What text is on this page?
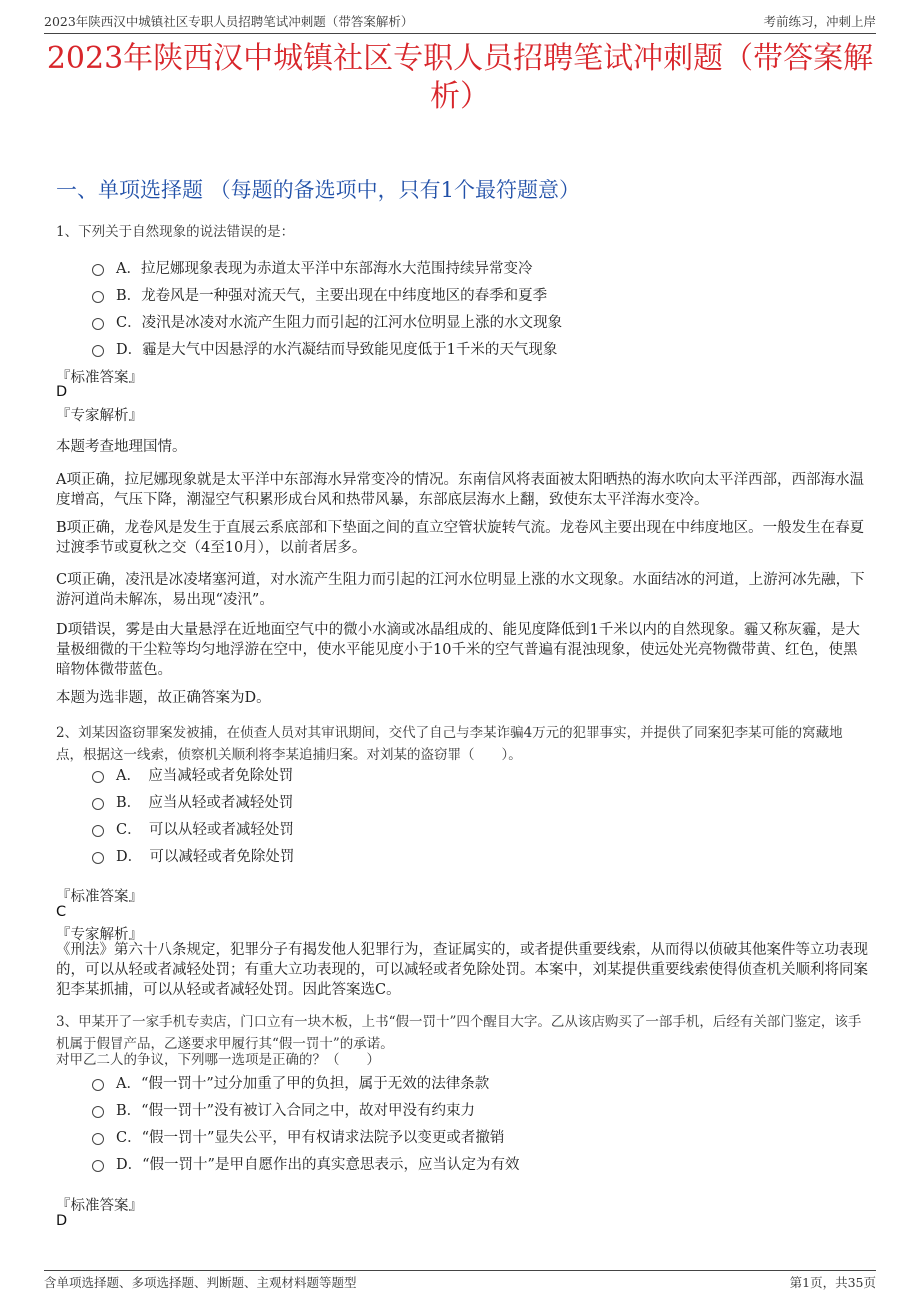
2023年陕西汉中城镇社区专职人员招聘笔试冲刺题（带答案解析）	考前练习，冲刺上岸
2023年陕西汉中城镇社区专职人员招聘笔试冲刺题（带答案解析）
一、单项选择题 （每题的备选项中，只有1个最符题意）

1、下列关于自然现象的说法错误的是：

A．拉尼娜现象表现为赤道太平洋中东部海水大范围持续异常变冷
B．龙卷风是一种强对流天气，主要出现在中纬度地区的春季和夏季
C．凌汛是冰凌对水流产生阻力而引起的江河水位明显上涨的水文现象
D．霾是大气中因悬浮的水汽凝结而导致能见度低于1千米的天气现象
『标准答案』
D
『专家解析』

本题考查地理国情。

A项正确，拉尼娜现象就是太平洋中东部海水异常变冷的情况。东南信风将表面被太阳晒热的海水吹向太平洋西部，西部海水温度增高，气压下降，潮湿空气积累形成台风和热带风暴，东部底层海水上翻，致使东太平洋海水变冷。

B项正确，龙卷风是发生于直展云系底部和下垫面之间的直立空管状旋转气流。龙卷风主要出现在中纬度地区。一般发生在春夏过渡季节或夏秋之交（4至10月），以前者居多。

C项正确，凌汛是冰凌堵塞河道，对水流产生阻力而引起的江河水位明显上涨的水文现象。水面结冰的河道，上游河冰先融，下游河道尚未解冻，易出现“凌汛”。

D项错误，雾是由大量悬浮在近地面空气中的微小水滴或冰晶组成的、能见度降低到1千米以内的自然现象。霾又称灰霾，是大量极细微的干尘粒等均匀地浮游在空中，使水平能见度小于10千米的空气普遍有混浊现象，使远处光亮物微带黄、红色，使黑暗物体微带蓝色。

本题为选非题，故正确答案为D。

2、刘某因盗窃罪案发被捕，在侦查人员对其审讯期间，交代了自己与李某诈骗4万元的犯罪事实，并提供了同案犯李某可能的窝藏地点，根据这一线索，侦察机关顺利将李某追捕归案。对刘某的盗窃罪（　　）。

A．　应当减轻或者免除处罚
B．　应当从轻或者减轻处罚
C．　可以从轻或者减轻处罚
D．　可以减轻或者免除处罚
『标准答案』
C
『专家解析』

《刑法》第六十八条规定，犯罪分子有揭发他人犯罪行为，查证属实的，或者提供重要线索，从而得以侦破其他案件等立功表现的，可以从轻或者减轻处罚；有重大立功表现的，可以减轻或者免除处罚。本案中，刘某提供重要线索使得侦查机关顺利将同案犯李某抓捕，可以从轻或者减轻处罚。因此答案选C。

3、甲某开了一家手机专卖店，门口立有一块木板，上书“假一罚十”四个醒目大字。乙从该店购买了一部手机，后经有关部门鉴定，该手机属于假冒产品，乙遂要求甲履行其“假一罚十”的承诺。

对甲乙二人的争议，下列哪一选项是正确的？（　　）

A．“假一罚十”过分加重了甲的负担，属于无效的法律条款
B．“假一罚十”没有被订入合同之中，故对甲没有约束力
C．“假一罚十”显失公平，甲有权请求法院予以变更或者撤销
D．“假一罚十”是甲自愿作出的真实意思表示，应当认定为有效
『标准答案』
D
含单项选择题、多项选择题、判断题、主观材料题等题型	第1页，共35页
